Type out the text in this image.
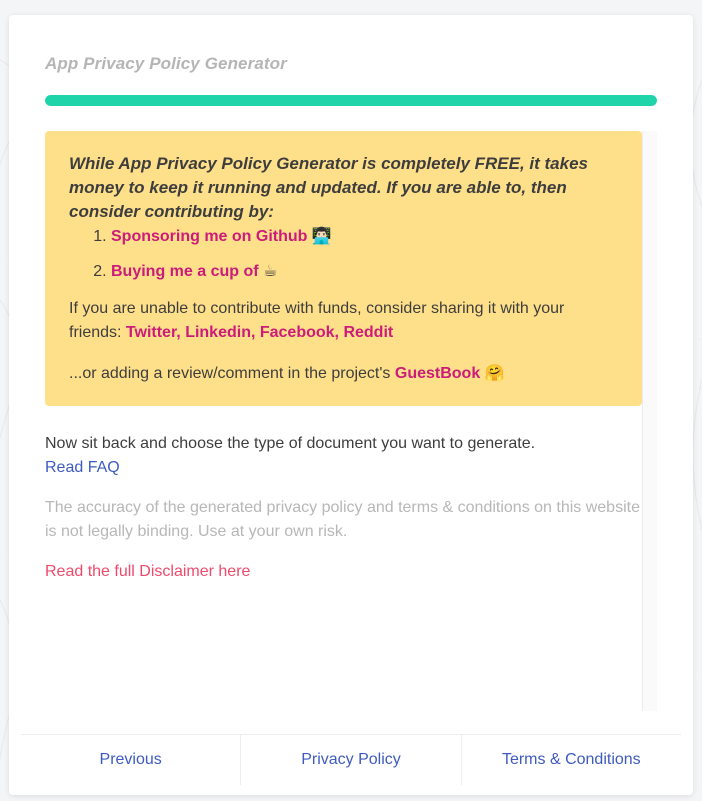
App Privacy Policy Generator

While App Privacy Policy Generator is completely FREE, it takes money to keep it running and updated. If you are able to, then consider contributing by:

1. Sponsoring me on Github 👨🏻‍💻
2. Buying me a cup of ☕

If you are unable to contribute with funds, consider sharing it with your friends: Twitter, Linkedin, Facebook, Reddit

...or adding a review/comment in the project's GuestBook 🤗

Now sit back and choose the type of document you want to generate.
Read FAQ

The accuracy of the generated privacy policy and terms & conditions on this website is not legally binding. Use at your own risk.

Read the full Disclaimer here
Previous	Privacy Policy	Terms & Conditions
